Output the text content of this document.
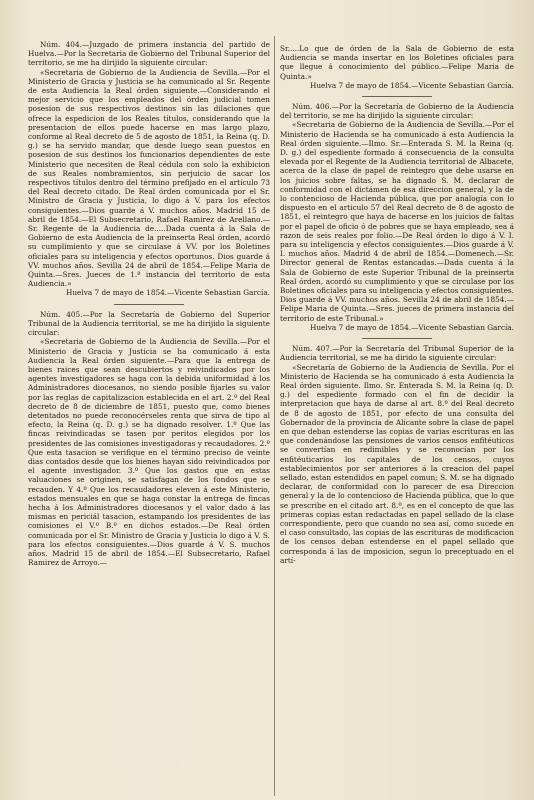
Núm. 404.—Juzgado de primera instancia del partido de Huelva.—Por la Secretaria de Gobierno del Tribunal Superior del territorio, se me ha dirijido la siguiente circular:

«Secretaria de Gobierno de la Audiencia de Sevilla.—Por el Ministerio de Gracia y Justicia se ha comunicado al Sr. Regente de esta Audiencia la Real órden siguiente.—Considerando el mejor servicio que los empleados del órden judicial tomen posesion de sus respectivos destinos sin las dilaciones que ofrece la espedicion de los Reales títulos, considerando que la presentacion de ellos puede hacerse en mas largo plazo, conforme al Real decreto de 5 de agosto de 1851, la Reina (q. D. g.) se ha servido mandar, que desde luego sean puestos en posesion de sus destinos los funcionarios dependientes de este Ministerio que necesiten de Real cédula con solo la exhibicion de sus Reales nombramientos, sin perjuicio de sacar los respectivos títulos dentro del término prefijado en el artículo 73 del Real decreto citado. De Real órden comunicada por el Sr. Ministro de Gracia y Justicia, lo digo á V. para los efectos consiguientes.—Dios guarde á V. muchos años. Madrid 15 de abril de 1854.—El Subsecretario, Rafael Ramirez de Arellano.—Sr. Regente de la Audiencia de.....Dada cuenta á la Sala de Gobierno de esta Audiencia de la preinserta Real órden, acordó su cumplimiento y que se circulase á VV. por los Boletines oficiales para su inteligencia y efectos oportunos. Dios guarde á VV. muchos años. Sevilla 24 de abril de 1854.—Felipe Maria de Quinta.—Sres. Jueces de 1.ª instancia del territorio de esta Audiencia.»

Huelva 7 de mayo de 1854.—Vicente Sebastian García.

Núm. 405.—Por la Secretaría de Gobierno del Superior Tribunal de la Audiencia territorial, se me ha dirijido la siguiente circular:

«Secretaria de Gobierno de la Audiencia de Sevilla.—Por el Ministerio de Gracia y Justicia se ha comunicado á esta Audiencia la Real órden siguiente.—Para que la entrega de bienes raices que sean descubiertos y reivindicados por los agentes investigadores se haga con la debida uniformidad á los Administradores diocesanos, no siendo posible fijarles su valor por las reglas de capitalizacion establecida en el art. 2.º del Real decreto de 8 de diciembre de 1851, puesto que, como bienes detentados no puede reconocérseles renta que sirva de tipo al efecto, la Reina (q. D. g.) se ha dignado resolver. 1.º Que las fincas reivindicadas se tasen por peritos elegidos por los presidentes de las comisiones investigadoras y recaudadores. 2.º Que esta tasacion se verifique en el término preciso de veinte dias contados desde que los bienes hayan sido reivindicados por el agente investigador. 3.º Que los gastos que en estas valuaciones se originen, se satisfagan de los fondos que se recauden. Y 4.º Que los recaudadores eleven á este Ministerio, estados mensuales en que se haga constar la entrega de fincas hecha á los Administradores diocesanos y el valor dado á las mismas en periciál tasacion, estampando los presidentes de las comisiones el V.º B.º en dichos estados.—De Real órden comunicada por el Sr. Ministro de Gracia y Justicia lo digo á V. S. para los efectos consiguientes.—Dios guarde á V. S. muchos años. Madrid 15 de abril de 1854.—El Subsecretario, Rafael Ramirez de Arroyo.—

Sr.....Lo que de órden de la Sala de Gobierno de esta Audiencia se manda insertar en los Boletines oficiales para que llegue á conocimiento del público.—Felipe Maria de Quinta.»

Huelva 7 de mayo de 1854.—Vicente Sebastian García.

Núm. 406.—Por la Secretaría de Gobierno de la Audiencia del territorio, se me ha dirijido la siguiente circular:

«Secretaria de Gobierno de la Audiencia de Sevilla.—Por el Ministerio de Hacienda se ha comunicado á esta Audiencia la Real órden siguiente.—Ilmo. Sr.—Enterada S. M. la Reina (q. D. g.) del espediente formado á consecuencia de la consulta elevada por el Regente de la Audiencia territorial de Albacete, acerca de la clase de papel de reintegro que debe usarse en los juicios sobre faltas, se ha dignado S. M. declarar de conformidad con el dictámen de esa direccion general, y la de lo contencioso de Hacienda pública, que por analogía con lo dispuesto en el articulo 57 del Real decreto de 8 de agosto de 1851, el reintegro que haya de hacerse en los juicios de faltas por el papel de oficio ó de pobres que se haya empleado, sea á razon de seis reales por folio.—De Real órden lo digo á V. I. para su inteligencia y efectos consiguientes.—Dios guarde á V. I. muchos años. Madrid 4 de abril de 1854.—Domenech.—Sr. Director general de Rentas estancadas.—Dada cuenta á la Sala de Gobierno de este Superior Tribunal de la preinserta Real órden, acordó su cumplimiento y que se circulase por los Boletines oficiales para su inteligencia y efectos consiguientes. Dios guarde á VV. muchos años. Sevilla 24 de abril de 1854.—Felipe Maria de Quinta.—Sres. jueces de primera instancia del territorio de este Tribunal.»

Huelva 7 de mayo de 1854.—Vicente Sebastian García.

Núm. 407.—Por la Secretaría del Tribunal Superior de la Audiencia territorial, se me ha dirido la siguiente circular:

«Secretaría de Gobierno de la Audiencia de Sevilla. Por el Ministerio de Hacienda se ha comunicado á esta Audiencia la Real órden siguiente. Ilmo. Sr. Enterada S. M. la Reina (q. D. g.) del espediente formado con el fin de decidir la interpretacion que haya de darse al art. 8.º del Real decreto de 8 de agosto de 1851, por efecto de una consulta del Gobernador de la provincia de Alicante sobre la clase de papel en que deban estenderse las copias de varias escrituras en las que condenándose las pensiones de varios censos enfitéuticos se convertían en redimibles y se reconocían por los enfitéuticarios los capitales de los censos, cuyos establecimientos por ser anteriores á la creacion del papel sellado, estan estendidos en papel comun; S. M. se ha dignado declarar, de conformidad con lo parecer de esa Direccion general y la de lo contencioso de Hacienda pública, que lo que se prescribe en el citado art. 8.º, es en el concepto de que las primeras copias estan redactadas en papel sellado de la clase correspondiente, pero que cuando no sea así, como sucede en el caso consultado, las copias de las escrituras de modificacion de los censos deban estenderse en el papel sellado que corresponda á las de imposicion, segun lo preceptuado en el artí-
